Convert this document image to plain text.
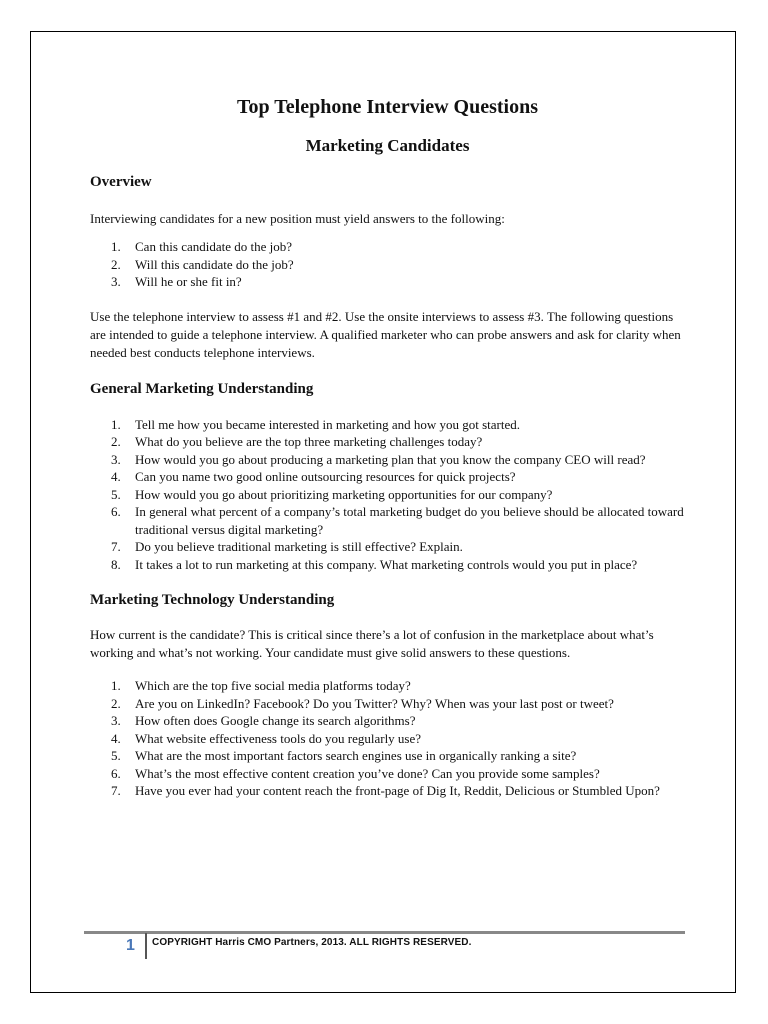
Top Telephone Interview Questions
Marketing Candidates
Overview

Interviewing candidates for a new position must yield answers to the following:

1. Can this candidate do the job?
2. Will this candidate do the job?
3. Will he or she fit in?

Use the telephone interview to assess #1 and #2. Use the onsite interviews to assess #3. The following questions are intended to guide a telephone interview. A qualified marketer who can probe answers and ask for clarity when needed best conducts telephone interviews.

General Marketing Understanding
1. Tell me how you became interested in marketing and how you got started.
2. What do you believe are the top three marketing challenges today?
3. How would you go about producing a marketing plan that you know the company CEO will read?
4. Can you name two good online outsourcing resources for quick projects?
5. How would you go about prioritizing marketing opportunities for our company?
6. In general what percent of a company’s total marketing budget do you believe should be allocated toward traditional versus digital marketing?
7. Do you believe traditional marketing is still effective? Explain.
8. It takes a lot to run marketing at this company. What marketing controls would you put in place?
Marketing Technology Understanding

How current is the candidate? This is critical since there’s a lot of confusion in the marketplace about what’s working and what’s not working. Your candidate must give solid answers to these questions.

1. Which are the top five social media platforms today?
2. Are you on LinkedIn? Facebook? Do you Twitter? Why? When was your last post or tweet?
3. How often does Google change its search algorithms?
4. What website effectiveness tools do you regularly use?
5. What are the most important factors search engines use in organically ranking a site?
6. What’s the most effective content creation you’ve done? Can you provide some samples?
7. Have you ever had your content reach the front-page of Dig It, Reddit, Delicious or Stumbled Upon?
1 COPYRIGHT Harris CMO Partners, 2013. ALL RIGHTS RESERVED.
